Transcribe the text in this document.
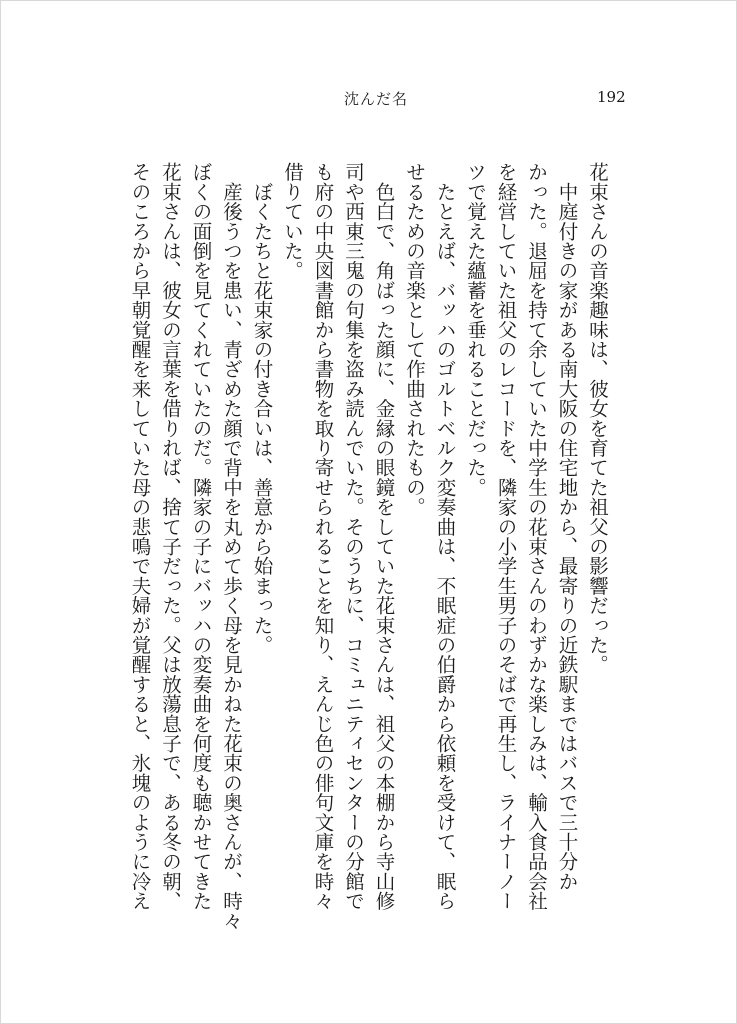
沈んだ名	192

花束さんの音楽趣味は、彼女を育てた祖父の影響だった。

　中庭付きの家がある南大阪の住宅地から、最寄りの近鉄駅まではバスで三十分か

かった。退屈を持て余していた中学生の花束さんのわずかな楽しみは、輸入食品会社

を経営していた祖父のレコードを、隣家の小学生男子のそばで再生し、ライナーノー

ツで覚えた蘊蓄を垂れることだった。

　たとえば、バッハのゴルトベルク変奏曲は、不眠症の伯爵から依頼を受けて、眠ら

せるための音楽として作曲されたもの。

　色白で、角ばった顔に、金縁の眼鏡をしていた花束さんは、祖父の本棚から寺山修

司や西東三鬼の句集を盗み読んでいた。そのうちに、コミュニティセンターの分館で

も府の中央図書館から書物を取り寄せられることを知り、えんじ色の俳句文庫を時々

借りていた。

　ぼくたちと花束家の付き合いは、善意から始まった。

　産後うつを患い、青ざめた顔で背中を丸めて歩く母を見かねた花束の奥さんが、時々

ぼくの面倒を見てくれていたのだ。隣家の子にバッハの変奏曲を何度も聴かせてきた

花束さんは、彼女の言葉を借りれば、捨て子だった。父は放蕩息子で、ある冬の朝、

そのころから早朝覚醒を来していた母の悲鳴で夫婦が覚醒すると、氷塊のように冷え
